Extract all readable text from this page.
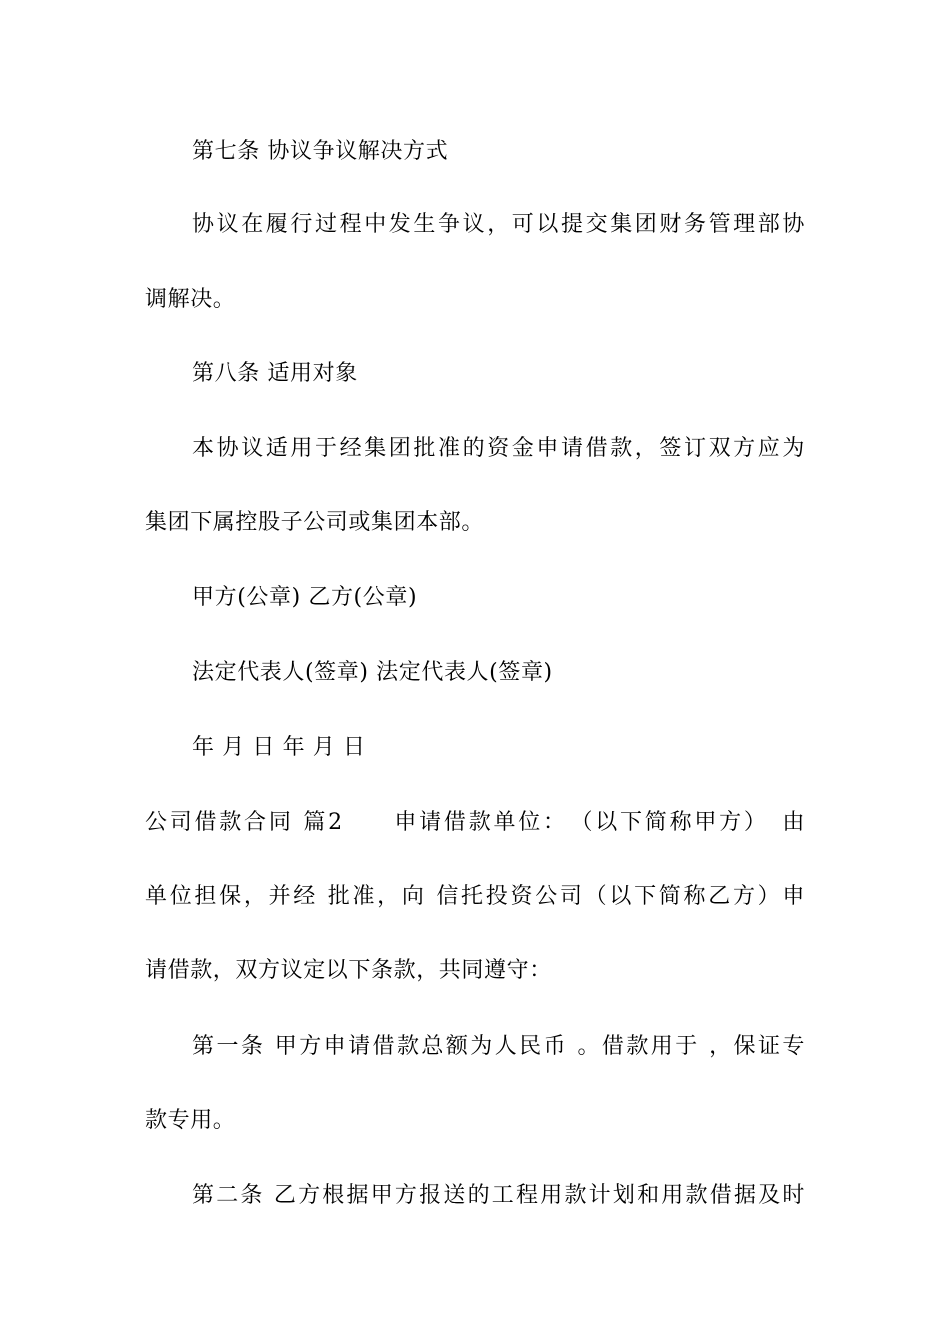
第七条 协议争议解决方式
协议在履行过程中发生争议，可以提交集团财务管理部协
调解决。
第八条 适用对象
本协议适用于经集团批准的资金申请借款，签订双方应为
集团下属控股子公司或集团本部。
甲方(公章) 乙方(公章)
法定代表人(签章) 法定代表人(签章)
年 月 日 年 月 日
公司借款合同 篇2　　申请借款单位：　（以下简称甲方）　由
单位担保，并经 批准，向 信托投资公司（以下简称乙方）申
请借款，双方议定以下条款，共同遵守：
第一条 甲方申请借款总额为人民币 。借款用于 ，保证专
款专用。
第二条 乙方根据甲方报送的工程用款计划和用款借据及时
